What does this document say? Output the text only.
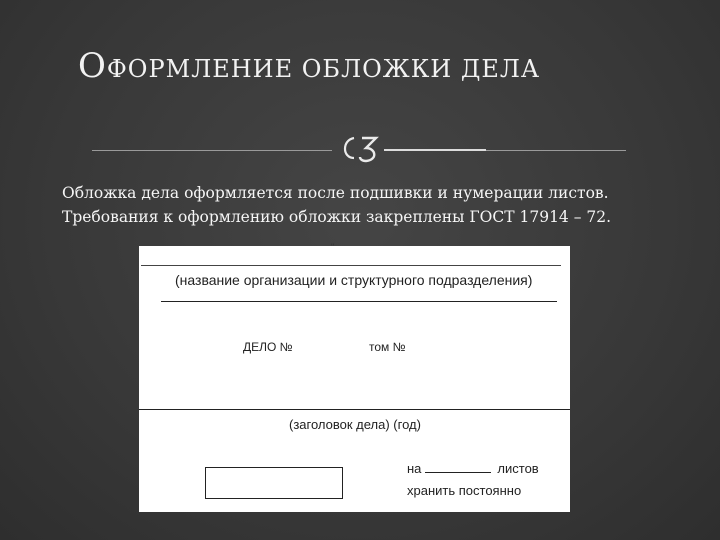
ОФОРМЛЕНИЕ ОБЛОЖКИ ДЕЛА
Обложка дела оформляется после подшивки и нумерации листов.
Требования к оформлению обложки закреплены ГОСТ 17914 – 72.
"
(название организации и структурного подразделения)
ДЕЛО №	том №
(заголовок дела) (год)
на	листов
хранить постоянно
